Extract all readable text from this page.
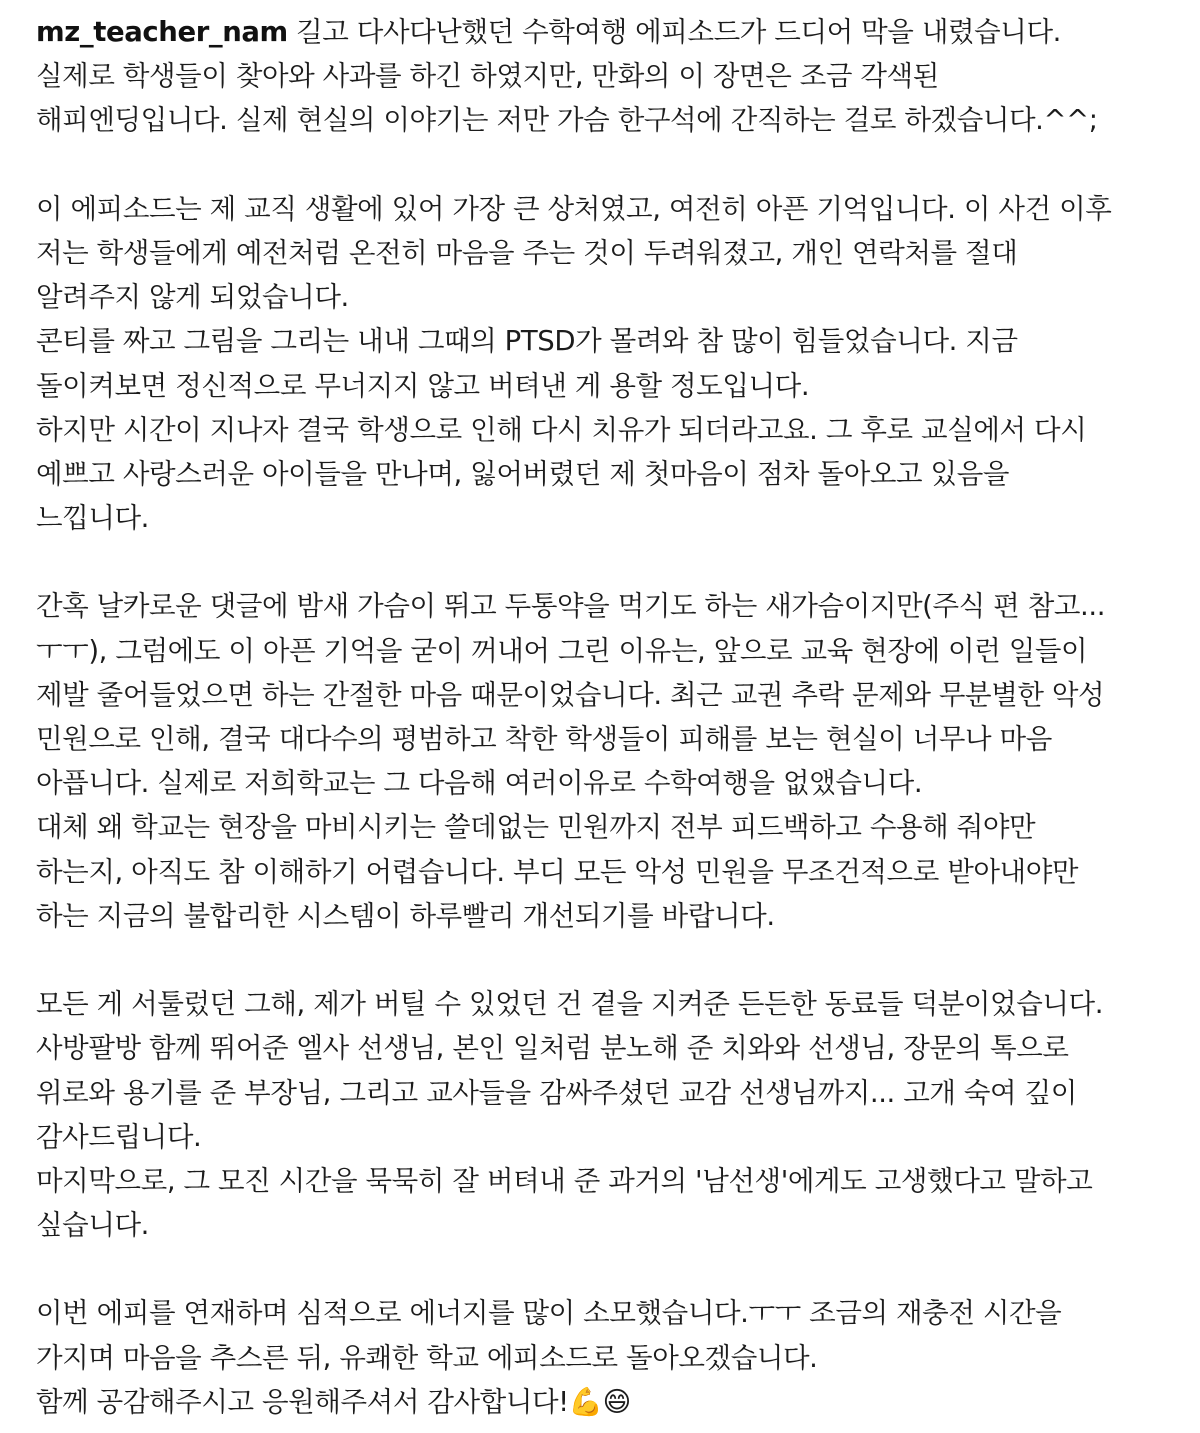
mz_teacher_nam 길고 다사다난했던 수학여행 에피소드가 드디어 막을 내렸습니다.
실제로 학생들이 찾아와 사과를 하긴 하였지만, 만화의 이 장면은 조금 각색된
해피엔딩입니다. 실제 현실의 이야기는 저만 가슴 한구석에 간직하는 걸로 하겠습니다.^^;
이 에피소드는 제 교직 생활에 있어 가장 큰 상처였고, 여전히 아픈 기억입니다. 이 사건 이후
저는 학생들에게 예전처럼 온전히 마음을 주는 것이 두려워졌고, 개인 연락처를 절대
알려주지 않게 되었습니다.
콘티를 짜고 그림을 그리는 내내 그때의 PTSD가 몰려와 참 많이 힘들었습니다. 지금
돌이켜보면 정신적으로 무너지지 않고 버텨낸 게 용할 정도입니다.
하지만 시간이 지나자 결국 학생으로 인해 다시 치유가 되더라고요. 그 후로 교실에서 다시
예쁘고 사랑스러운 아이들을 만나며, 잃어버렸던 제 첫마음이 점차 돌아오고 있음을
느낍니다.
간혹 날카로운 댓글에 밤새 가슴이 뛰고 두통약을 먹기도 하는 새가슴이지만(주식 편 참고...
ㅜㅜ), 그럼에도 이 아픈 기억을 굳이 꺼내어 그린 이유는, 앞으로 교육 현장에 이런 일들이
제발 줄어들었으면 하는 간절한 마음 때문이었습니다. 최근 교권 추락 문제와 무분별한 악성
민원으로 인해, 결국 대다수의 평범하고 착한 학생들이 피해를 보는 현실이 너무나 마음
아픕니다. 실제로 저희학교는 그 다음해 여러이유로 수학여행을 없앴습니다.
대체 왜 학교는 현장을 마비시키는 쓸데없는 민원까지 전부 피드백하고 수용해 줘야만
하는지, 아직도 참 이해하기 어렵습니다. 부디 모든 악성 민원을 무조건적으로 받아내야만
하는 지금의 불합리한 시스템이 하루빨리 개선되기를 바랍니다.
모든 게 서툴렀던 그해, 제가 버틸 수 있었던 건 곁을 지켜준 든든한 동료들 덕분이었습니다.
사방팔방 함께 뛰어준 엘사 선생님, 본인 일처럼 분노해 준 치와와 선생님, 장문의 톡으로
위로와 용기를 준 부장님, 그리고 교사들을 감싸주셨던 교감 선생님까지... 고개 숙여 깊이
감사드립니다.
마지막으로, 그 모진 시간을 묵묵히 잘 버텨내 준 과거의 '남선생'에게도 고생했다고 말하고
싶습니다.
이번 에피를 연재하며 심적으로 에너지를 많이 소모했습니다.ㅜㅜ 조금의 재충전 시간을
가지며 마음을 추스른 뒤, 유쾌한 학교 에피소드로 돌아오겠습니다.
함께 공감해주시고 응원해주셔서 감사합니다!💪😄
